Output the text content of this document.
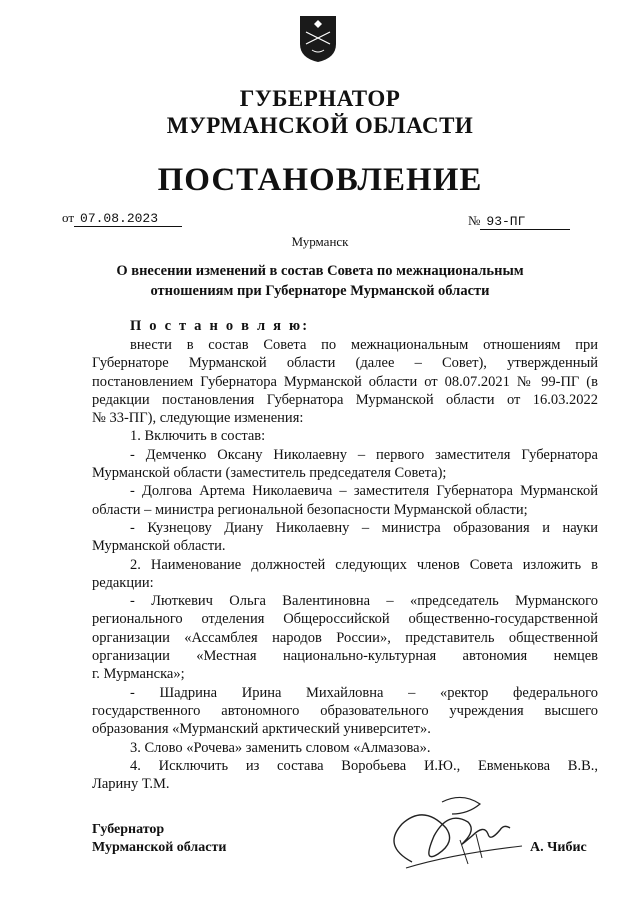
ГУБЕРНАТОР
МУРМАНСКОЙ ОБЛАСТИ
ПОСТАНОВЛЕНИЕ
от 07.08.2023	№ 93-ПГ
Мурманск
О внесении изменений в состав Совета по межнациональным
отношениям при Губернаторе Мурманской области
П о с т а н о в л я ю:
внести в состав Совета по межнациональным отношениям при
Губернаторе Мурманской области (далее – Совет), утвержденный
постановлением Губернатора Мурманской области от 08.07.2021 № 99-ПГ (в
редакции постановления Губернатора Мурманской области от 16.03.2022
№ 33-ПГ), следующие изменения:
1. Включить в состав:
- Демченко Оксану Николаевну – первого заместителя Губернатора
Мурманской области (заместитель председателя Совета);
- Долгова Артема Николаевича – заместителя Губернатора Мурманской
области – министра региональной безопасности Мурманской области;
- Кузнецову Диану Николаевну – министра образования и науки
Мурманской области.
2. Наименование должностей следующих членов Совета изложить в
редакции:
- Люткевич Ольга Валентиновна – «председатель Мурманского
регионального отделения Общероссийской общественно-государственной
организации «Ассамблея народов России», представитель общественной
организации «Местная национально-культурная автономия немцев
г. Мурманска»;
- Шадрина Ирина Михайловна – «ректор федерального
государственного автономного образовательного учреждения высшего
образования «Мурманский арктический университет».
3. Слово «Рочева» заменить словом «Алмазова».
4. Исключить из состава Воробьева И.Ю., Евменькова В.В.,
Ларину Т.М.
Губернатор
Мурманской области	А. Чибис
